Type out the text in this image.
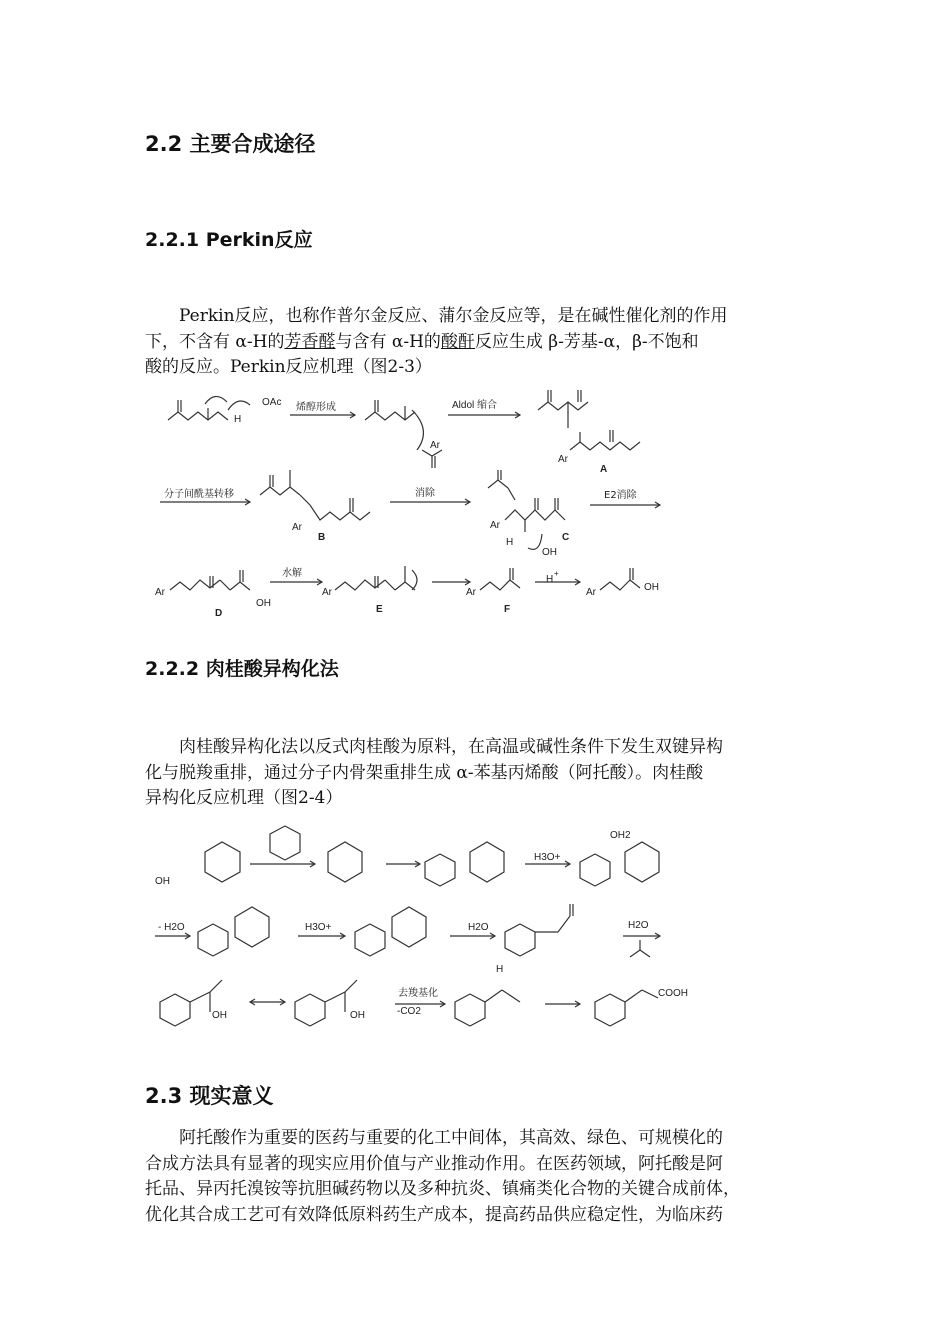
2.2 主要合成途径
2.2.1 Perkin反应
Perkin反应，也称作普尔金反应、蒲尔金反应等，是在碱性催化剂的作用
下，不含有 α-H的芳香醛与含有 α-H的酸酐反应生成 β-芳基-α，β-不饱和
酸的反应。Perkin反应机理（图2-3）
OAc
H
Ar
Ar
Ar	Ar
Ar	Ar	Ar	Ar
OH
OH
OH
H
+
H
烯醇形成	Aldol 缩合
分子间酰基转移	消除	E2消除
水解
A
B	C
D	E	F
2.2.2 肉桂酸异构化法
肉桂酸异构化法以反式肉桂酸为原料，在高温或碱性条件下发生双键异构
化与脱羧重排，通过分子内骨架重排生成 α-苯基丙烯酸（阿托酸）。肉桂酸
异构化反应机理（图2-4）
OH
H3O+
OH2
- H2O	H3O+	H2O	H2O
OH	OH	-CO2
H
COOH
去羧基化
2.3 现实意义
阿托酸作为重要的医药与重要的化工中间体，其高效、绿色、可规模化的
合成方法具有显著的现实应用价值与产业推动作用。在医药领域，阿托酸是阿
托品、异丙托溴铵等抗胆碱药物以及多种抗炎、镇痛类化合物的关键合成前体，
优化其合成工艺可有效降低原料药生产成本，提高药品供应稳定性，为临床药
